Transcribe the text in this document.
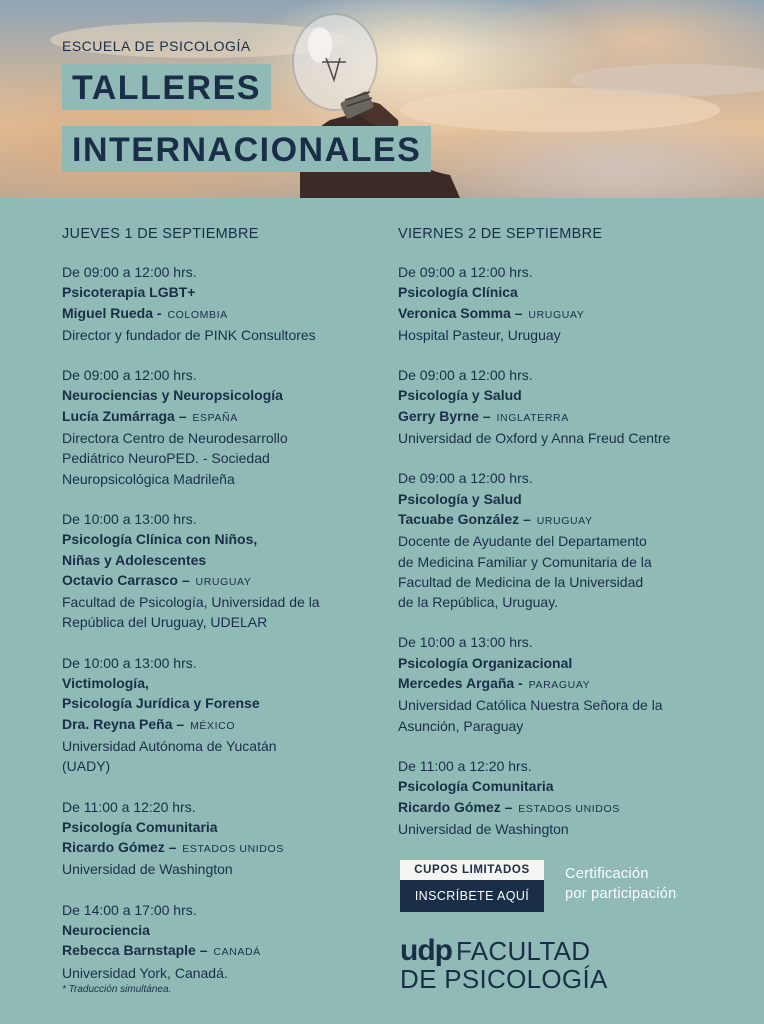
ESCUELA DE PSICOLOGÍA
TALLERES
INTERNACIONALES
JUEVES 1 DE SEPTIEMBRE
De 09:00 a 12:00 hrs.
Psicoterapia LGBT+
Miguel Rueda - COLOMBIA
Director y fundador de PINK Consultores
De 09:00 a 12:00 hrs.
Neurociencias y Neuropsicología
Lucía Zumárraga – ESPAÑA
Directora Centro de Neurodesarrollo
Pediátrico NeuroPED. - Sociedad
Neuropsicológica Madrileña
De 10:00 a 13:00 hrs.
Psicología Clínica con Niños,
Niñas y Adolescentes
Octavio Carrasco – URUGUAY
Facultad de Psicología, Universidad de la
República del Uruguay, UDELAR
De 10:00 a 13:00 hrs.
Victimología,
Psicología Jurídica y Forense
Dra. Reyna Peña – MÉXICO
Universidad Autónoma de Yucatán
(UADY)
De 11:00 a 12:20 hrs.
Psicología Comunitaria
Ricardo Gómez – ESTADOS UNIDOS
Universidad de Washington
De 14:00 a 17:00 hrs.
Neurociencia
Rebecca Barnstaple – CANADÁ
Universidad York, Canadá.
* Traducción simultánea.
VIERNES 2 DE SEPTIEMBRE
De 09:00 a 12:00 hrs.
Psicología Clínica
Veronica Somma – URUGUAY
Hospital Pasteur, Uruguay
De 09:00 a 12:00 hrs.
Psicología y Salud
Gerry Byrne – INGLATERRA
Universidad de Oxford y Anna Freud Centre
De 09:00 a 12:00 hrs.
Psicología y Salud
Tacuabe González – URUGUAY
Docente de Ayudante del Departamento
de Medicina Familiar y Comunitaria de la
Facultad de Medicina de la Universidad
de la República, Uruguay.
De 10:00 a 13:00 hrs.
Psicología Organizacional
Mercedes Argaña - PARAGUAY
Universidad Católica Nuestra Señora de la
Asunción, Paraguay
De 11:00 a 12:20 hrs.
Psicología Comunitaria
Ricardo Gómez – ESTADOS UNIDOS
Universidad de Washington
CUPOS LIMITADOS
INSCRÍBETE AQUÍ
Certificación
por participación
udp FACULTAD
DE PSICOLOGÍA
